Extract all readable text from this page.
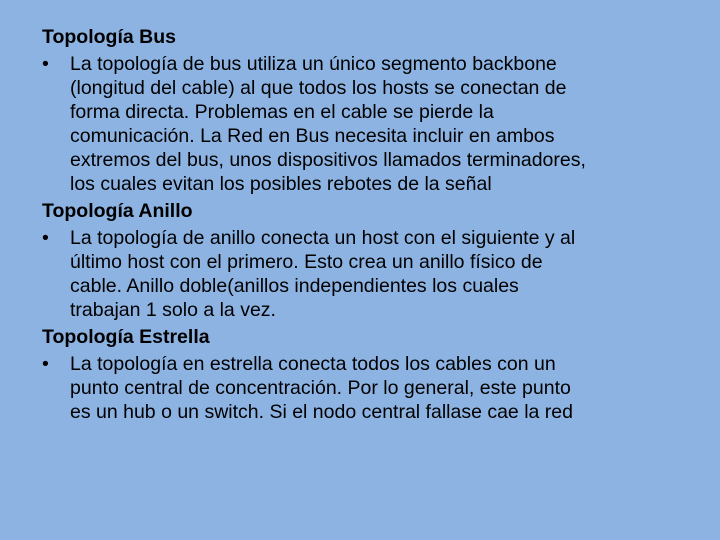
Topología Bus
•	La topología de bus utiliza un único segmento backbone
(longitud del cable) al que todos los hosts se conectan de
forma directa. Problemas en el cable se pierde la
comunicación. La Red en Bus necesita incluir en ambos
extremos del bus, unos dispositivos llamados terminadores,
los cuales evitan los posibles rebotes de la señal
Topología Anillo
•	La topología de anillo conecta un host con el siguiente y al
último host con el primero. Esto crea un anillo físico de
cable. Anillo doble(anillos independientes los cuales
trabajan 1 solo a la vez.
Topología Estrella
•	La topología en estrella conecta todos los cables con un
punto central de concentración. Por lo general, este punto
es un hub o un switch. Si el nodo central fallase cae la red
